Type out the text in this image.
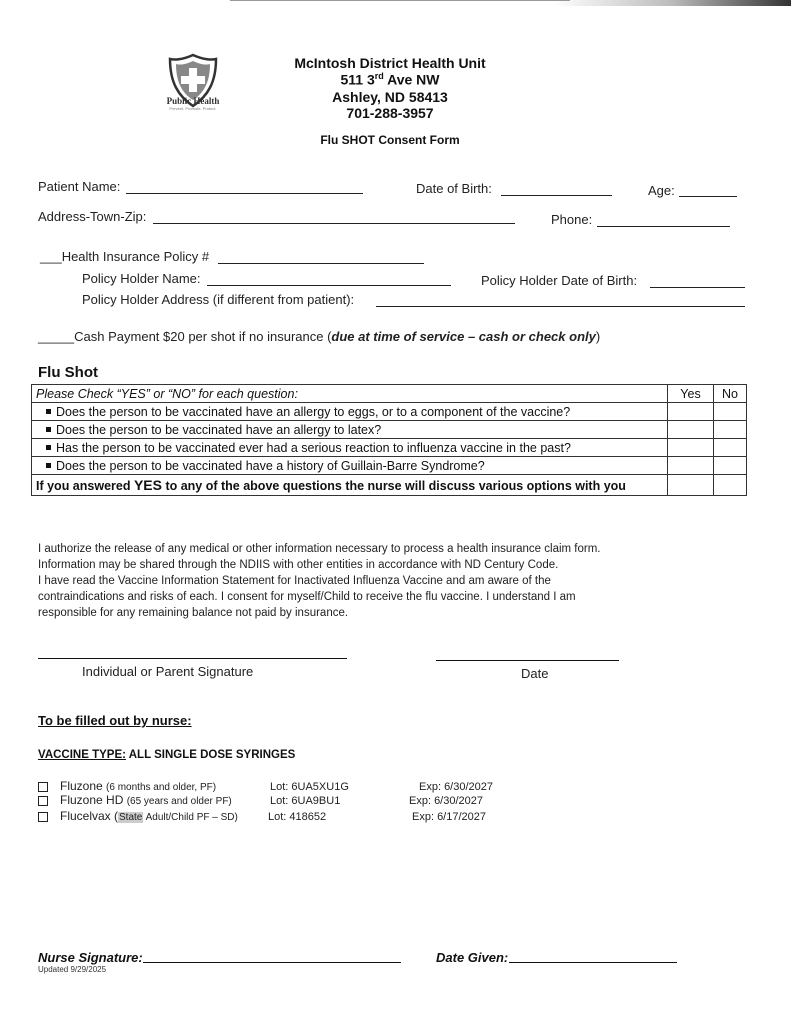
Public Health
Prevent. Promote. Protect.
McIntosh District Health Unit
511 3rd Ave NW
Ashley, ND 58413
701-288-3957
Flu SHOT Consent Form
Patient Name:	Date of Birth:	Age:
Address-Town-Zip:	Phone:
___Health Insurance Policy #
Policy Holder Name:	Policy Holder Date of Birth:
Policy Holder Address (if different from patient):
_____Cash Payment $20 per shot if no insurance (due at time of service – cash or check only)
Flu Shot
Please Check “YES” or “NO” for each question:	Yes	No
Does the person to be vaccinated have an allergy to eggs, or to a component of the vaccine?		
Does the person to be vaccinated have an allergy to latex?		
Has the person to be vaccinated ever had a serious reaction to influenza vaccine in the past?		
Does the person to be vaccinated have a history of Guillain-Barre Syndrome?		
If you answered YES to any of the above questions the nurse will discuss various options with you		
I authorize the release of any medical or other information necessary to process a health insurance claim form.
Information may be shared through the NDIIS with other entities in accordance with ND Century Code.
I have read the Vaccine Information Statement for Inactivated Influenza Vaccine and am aware of the
contraindications and risks of each. I consent for myself/Child to receive the flu vaccine. I understand I am
responsible for any remaining balance not paid by insurance.
Individual or Parent Signature	Date
To be filled out by nurse:
VACCINE TYPE: ALL SINGLE DOSE SYRINGES
Fluzone (6 months and older, PF)	Lot: 6UA5XU1G	Exp: 6/30/2027
Fluzone HD (65 years and older PF)	Lot: 6UA9BU1	Exp: 6/30/2027
Flucelvax (State Adult/Child PF – SD)	Lot: 418652	Exp: 6/17/2027
Nurse Signature:	Date Given:
Updated 9/29/2025
